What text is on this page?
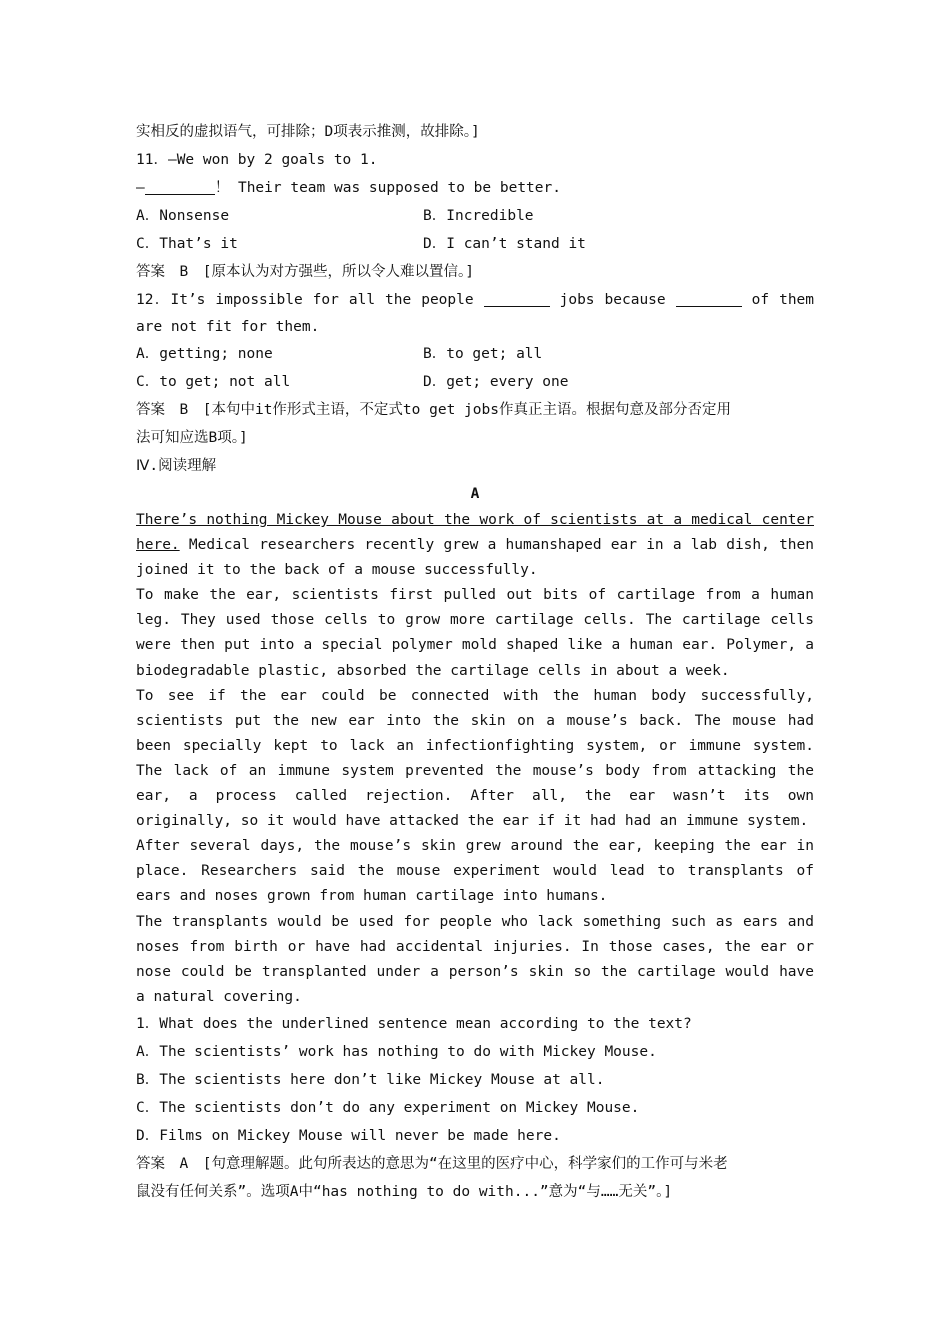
实相反的虚拟语气，可排除；D项表示推测，故排除。]
11．—We won by 2 goals to 1.
—	！ Their team was supposed to be better.
A．Nonsense	B．Incredible
C．That’s it	D．I can’t stand it
答案　B　[原本认为对方强些，所以令人难以置信。]
12．It’s impossible for all the people	jobs because	of them
are not fit for them.
A．getting; none	B．to get; all
C．to get; not all	D．get; every one
答案　B　[本句中it作形式主语，不定式to get jobs作真正主语。根据句意及部分否定用
法可知应选B项。]
Ⅳ.阅读理解
A
There’s nothing Mickey Mouse about the work of scientists at a medical center here. Medical researchers recently grew a humanshaped ear in a lab dish, then joined it to the back of a mouse successfully.
To make the ear, scientists first pulled out bits of cartilage from a human leg. They used those cells to grow more cartilage cells. The cartilage cells were then put into a special polymer mold shaped like a human ear. Polymer, a biodegradable plastic, absorbed the cartilage cells in about a week.
To see if the ear could be connected with the human body successfully, scientists put the new ear into the skin on a mouse’s back. The mouse had been specially kept to lack an infectionfighting system, or immune system. The lack of an immune system prevented the mouse’s body from attacking the ear, a process called rejection. After all, the ear wasn’t its own originally, so it would have attacked the ear if it had had an immune system.
After several days, the mouse’s skin grew around the ear, keeping the ear in place. Researchers said the mouse experiment would lead to transplants of ears and noses grown from human cartilage into humans.
The transplants would be used for people who lack something such as ears and noses from birth or have had accidental injuries. In those cases, the ear or nose could be transplanted under a person’s skin so the cartilage would have a natural covering.
1．What does the underlined sentence mean according to the text?
A．The scientists’ work has nothing to do with Mickey Mouse.
B．The scientists here don’t like Mickey Mouse at all.
C．The scientists don’t do any experiment on Mickey Mouse.
D．Films on Mickey Mouse will never be made here.
答案　A　[句意理解题。此句所表达的意思为“在这里的医疗中心，科学家们的工作可与米老
鼠没有任何关系”。选项A中“has nothing to do with...”意为“与……无关”。]
